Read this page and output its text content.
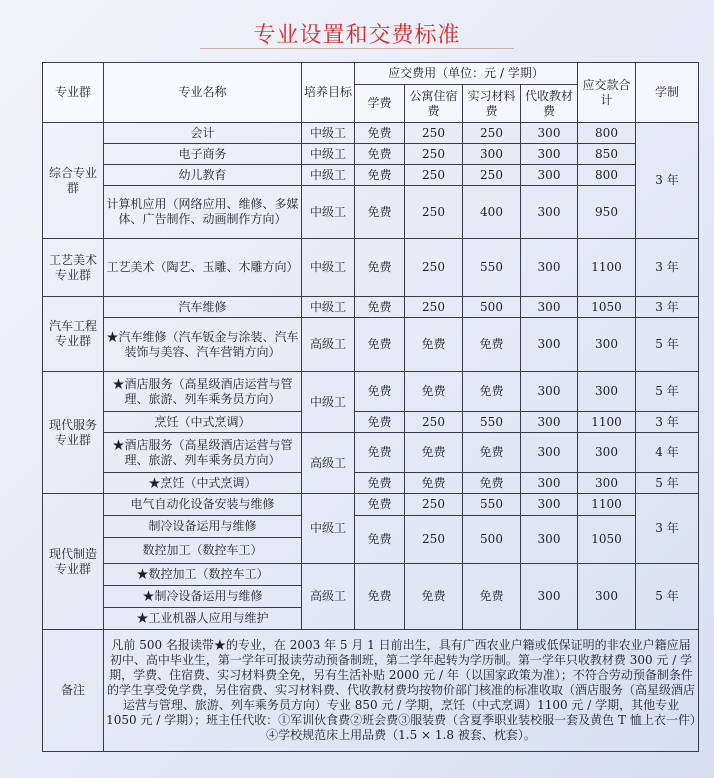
专业设置和交费标准
专业群	专业名称	培养目标	应交费用（单位：元 / 学期）				应交款合计	学制
			学费	公寓住宿费	实习材料费	代收教材费		
综合专业群	会计	中级工	免费	250	250	300	800	3 年
	电子商务	中级工	免费	250	300	300	850	
	幼儿教育	中级工	免费	250	250	300	800	
	计算机应用（网络应用、维修、多媒体、广告制作、动画制作方向）	中级工	免费	250	400	300	950	
工艺美术专业群	工艺美术（陶艺、玉雕、木雕方向）	中级工	免费	250	550	300	1100	3 年
汽车工程专业群	汽车维修	中级工	免费	250	500	300	1050	3 年
	★汽车维修（汽车钣金与涂装、汽车装饰与美容、汽车营销方向）	高级工	免费	免费	免费	300	300	5 年
现代服务专业群	★酒店服务（高星级酒店运营与管理、旅游、列车乘务员方向）	中级工	免费	免费	免费	300	300	5 年
	烹饪（中式烹调）		免费	250	550	300	1100	3 年
	★酒店服务（高星级酒店运营与管理、旅游、列车乘务员方向）	高级工	免费	免费	免费	300	300	4 年
	★烹饪（中式烹调）		免费	免费	免费	300	300	5 年
现代制造专业群	电气自动化设备安装与维修	中级工	免费	250	550	300	1100	3 年
	制冷设备运用与维修		免费	250	500	300	1050	
	数控加工（数控车工）							
	★数控加工（数控车工）	高级工	免费	免费	免费	300	300	5 年
	★制冷设备运用与维修							
	★工业机器人应用与维护							
备注	凡前 500 名报读带★的专业，在 2003 年 5 月 1 日前出生，具有广西农业户籍或低保证明的非农业户籍应届初中、高中毕业生，第一学年可报读劳动预备制班，第二学年起转为学历制。第一学年只收教材费 300 元 / 学期，学费、住宿费、实习材料费全免，另有生活补贴 2000 元 / 年（以国家政策为准）；不符合劳动预备制条件的学生享受免学费，另住宿费、实习材料费、代收教材费均按物价部门核准的标准收取（酒店服务（高星级酒店运营与管理、旅游、列车乘务员方向）专业 850 元 / 学期，烹饪（中式烹调）1100 元 / 学期，其他专业 1050 元 / 学期）；班主任代收：①军训伙食费②班会费③服装费（含夏季职业装校服一套及黄色 T 恤上衣一件）④学校规范床上用品费（1.5 × 1.8 被套、枕套）。							
